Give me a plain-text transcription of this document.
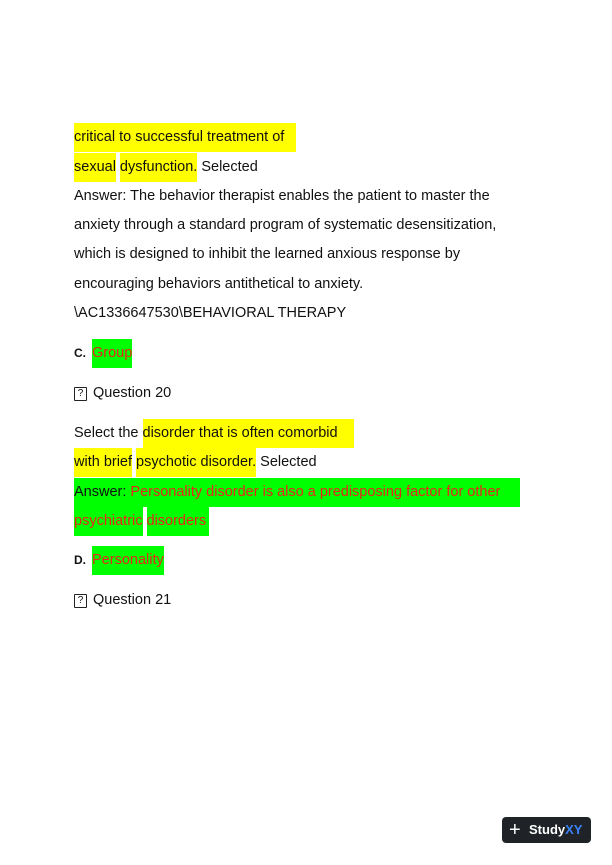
critical to successful treatment of
sexual dysfunction. Selected
Answer: The behavior therapist enables the patient to master the
anxiety through a standard program of systematic desensitization,
which is designed to inhibit the learned anxious response by
encouraging behaviors antithetical to anxiety.
\AC1336647530\BEHAVIORAL THERAPY
C. Group
? Question 20
Select the disorder that is often comorbid
with brief psychotic disorder. Selected
Answer: Personality disorder is also a predisposing factor for other
psychiatric disorders
D. Personality
? Question 21
+ StudyXY
